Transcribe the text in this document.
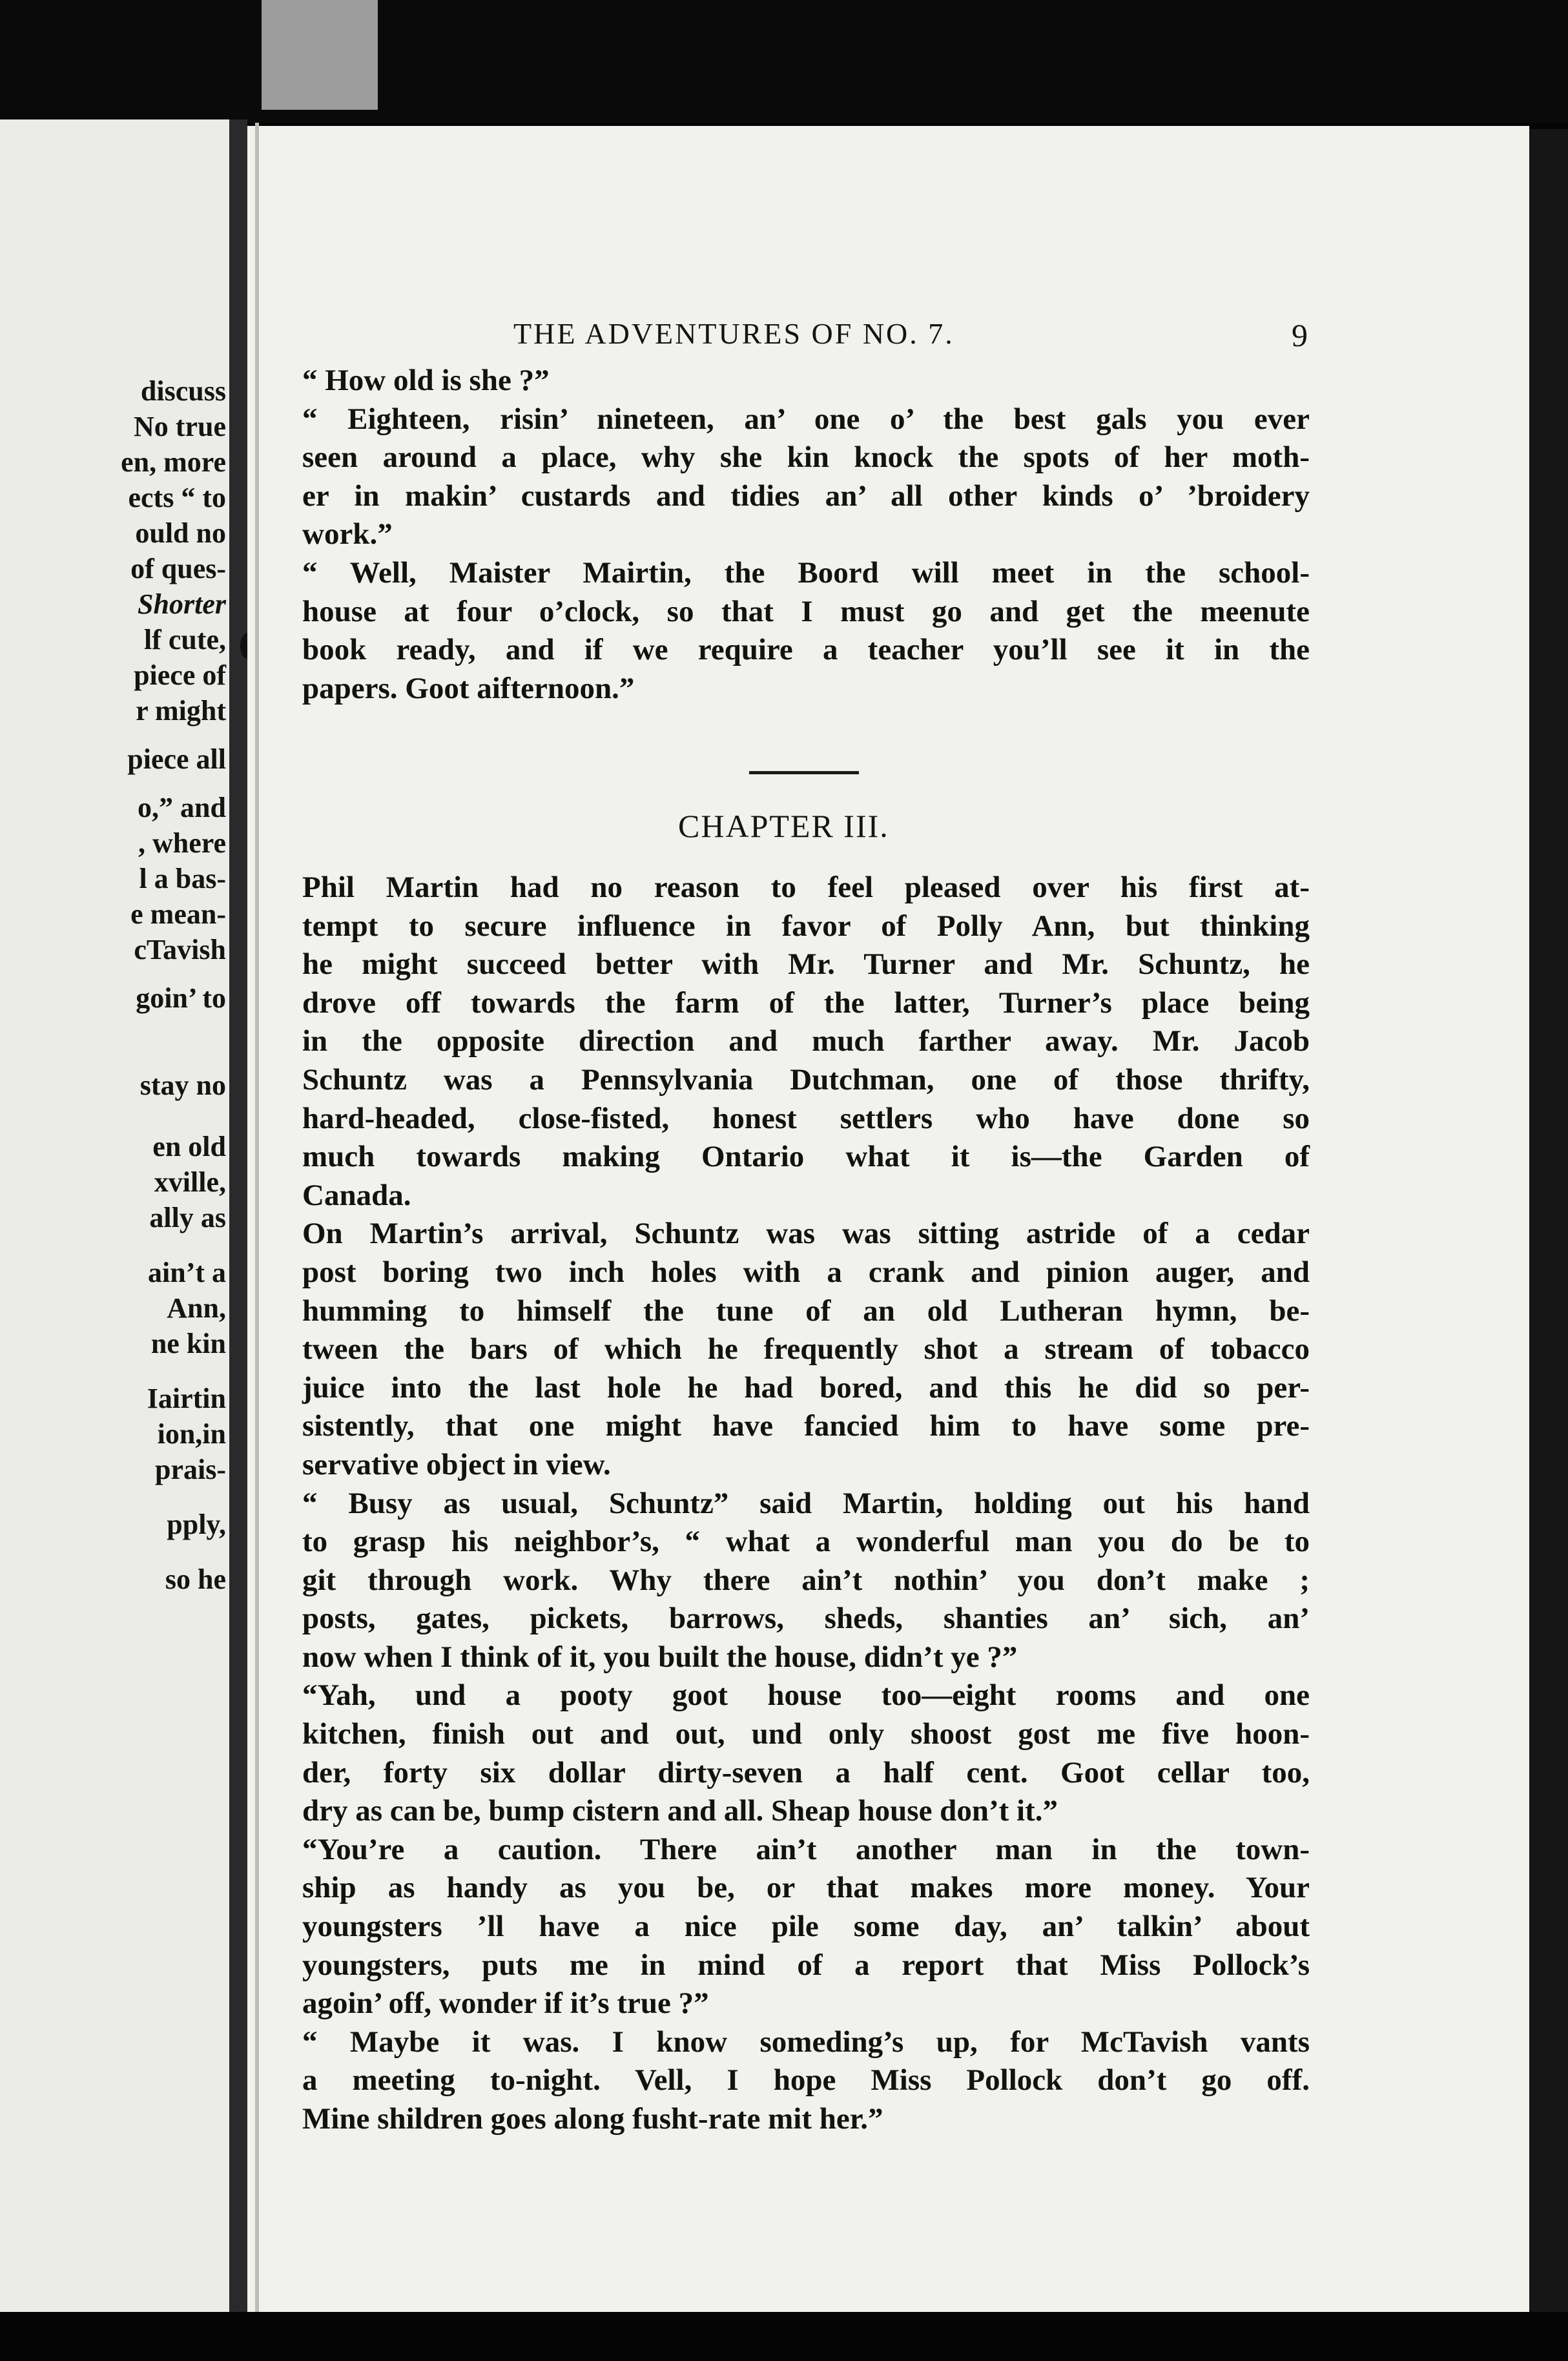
discuss
No true
en, more
ects “ to
ould no
of ques-
Shorter
lf cute,
piece of
r might
piece all
o,” and
, where
l a bas-
e mean-
cTavish
goin’ to
stay no
en old
xville,
ally as
ain’t a
Ann,
ne kin
Iairtin
ion,in
prais-
pply,
so he
THE ADVENTURES OF NO. 7.	9
“ How old is she ?”
“ Eighteen, risin’ nineteen, an’ one o’ the best gals you ever
seen around a place, why she kin knock the spots of her moth-
er in makin’ custards and tidies an’ all other kinds o’ ’broidery
work.”
“ Well, Maister Mairtin, the Boord will meet in the school-
house at four o’clock, so that I must go and get the meenute
book ready, and if we require a teacher you’ll see it in the
papers. Goot aifternoon.”
CHAPTER III.
Phil Martin had no reason to feel pleased over his first at-
tempt to secure influence in favor of Polly Ann, but thinking
he might succeed better with Mr. Turner and Mr. Schuntz, he
drove off towards the farm of the latter, Turner’s place being
in the opposite direction and much farther away. Mr. Jacob
Schuntz was a Pennsylvania Dutchman, one of those thrifty,
hard-headed, close-fisted, honest settlers who have done so
much towards making Ontario what it is—the Garden of
Canada.
On Martin’s arrival, Schuntz was was sitting astride of a cedar
post boring two inch holes with a crank and pinion auger, and
humming to himself the tune of an old Lutheran hymn, be-
tween the bars of which he frequently shot a stream of tobacco
juice into the last hole he had bored, and this he did so per-
sistently, that one might have fancied him to have some pre-
servative object in view.
“ Busy as usual, Schuntz” said Martin, holding out his hand
to grasp his neighbor’s, “ what a wonderful man you do be to
git through work. Why there ain’t nothin’ you don’t make ;
posts, gates, pickets, barrows, sheds, shanties an’ sich, an’
now when I think of it, you built the house, didn’t ye ?”
“Yah, und a pooty goot house too—eight rooms and one
kitchen, finish out and out, und only shoost gost me five hoon-
der, forty six dollar dirty-seven a half cent. Goot cellar too,
dry as can be, bump cistern and all. Sheap house don’t it.”
“You’re a caution. There ain’t another man in the town-
ship as handy as you be, or that makes more money. Your
youngsters ’ll have a nice pile some day, an’ talkin’ about
youngsters, puts me in mind of a report that Miss Pollock’s
agoin’ off, wonder if it’s true ?”
“ Maybe it was. I know someding’s up, for McTavish vants
a meeting to-night. Vell, I hope Miss Pollock don’t go off.
Mine shildren goes along fusht-rate mit her.”
